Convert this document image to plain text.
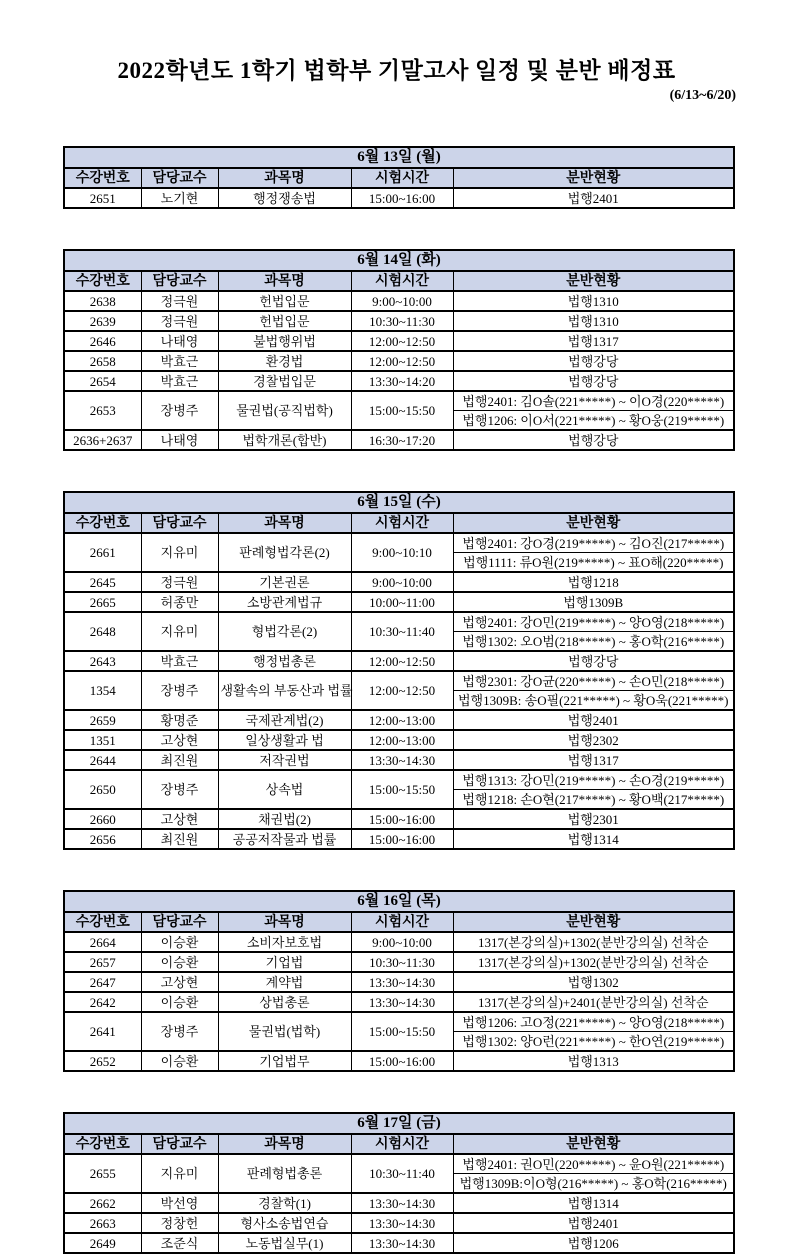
2022학년도 1학기 법학부 기말고사 일정 및 분반 배정표
(6/13~6/20)
6월 13일 (월)				
수강번호	담당교수	과목명	시험시간	분반현황
2651	노기현	행정쟁송법	15:00~16:00	법행2401
6월 14일 (화)				
수강번호	담당교수	과목명	시험시간	분반현황
2638	정극원	헌법입문	9:00~10:00	법행1310
2639	정극원	헌법입문	10:30~11:30	법행1310
2646	나태영	불법행위법	12:00~12:50	법행1317
2658	박효근	환경법	12:00~12:50	법행강당
2654	박효근	경찰법입문	13:30~14:20	법행강당
2653	장병주	물권법(공직법학)	15:00~15:50	법행2401: 김O솔(221*****) ~ 이O경(220*****)
				법행1206: 이O서(221*****) ~ 황O웅(219*****)
2636+2637	나태영	법학개론(합반)	16:30~17:20	법행강당
6월 15일 (수)				
수강번호	담당교수	과목명	시험시간	분반현황
2661	지유미	판례형법각론(2)	9:00~10:10	법행2401: 강O경(219*****) ~ 김O진(217*****)
				법행1111: 류O원(219*****) ~ 표O해(220*****)
2645	정극원	기본권론	9:00~10:00	법행1218
2665	허종만	소방관계법규	10:00~11:00	법행1309B
2648	지유미	형법각론(2)	10:30~11:40	법행2401: 강O민(219*****) ~ 양O영(218*****)
				법행1302: 오O범(218*****) ~ 홍O학(216*****)
2643	박효근	행정법총론	12:00~12:50	법행강당
1354	장병주	생활속의 부동산과 법률	12:00~12:50	법행2301: 강O균(220*****) ~ 손O민(218*****)
				법행1309B: 송O필(221*****) ~ 황O욱(221*****)
2659	황명준	국제관계법(2)	12:00~13:00	법행2401
1351	고상현	일상생활과 법	12:00~13:00	법행2302
2644	최진원	저작권법	13:30~14:30	법행1317
2650	장병주	상속법	15:00~15:50	법행1313: 강O민(219*****) ~ 손O경(219*****)
				법행1218: 손O현(217*****) ~ 황O백(217*****)
2660	고상현	채권법(2)	15:00~16:00	법행2301
2656	최진원	공공저작물과 법률	15:00~16:00	법행1314
6월 16일 (목)				
수강번호	담당교수	과목명	시험시간	분반현황
2664	이승환	소비자보호법	9:00~10:00	1317(본강의실)+1302(분반강의실) 선착순
2657	이승환	기업법	10:30~11:30	1317(본강의실)+1302(분반강의실) 선착순
2647	고상현	계약법	13:30~14:30	법행1302
2642	이승환	상법총론	13:30~14:30	1317(본강의실)+2401(분반강의실) 선착순
2641	장병주	물권법(법학)	15:00~15:50	법행1206: 고O정(221*****) ~ 양O영(218*****)
				법행1302: 양O런(221*****) ~ 한O연(219*****)
2652	이승환	기업법무	15:00~16:00	법행1313
6월 17일 (금)				
수강번호	담당교수	과목명	시험시간	분반현황
2655	지유미	판례형법총론	10:30~11:40	법행2401: 권O민(220*****) ~ 윤O원(221*****)
				법행1309B:이O형(216*****) ~ 홍O학(216*****)
2662	박선영	경찰학(1)	13:30~14:30	법행1314
2663	정창헌	형사소송법연습	13:30~14:30	법행2401
2649	조준식	노동법실무(1)	13:30~14:30	법행1206
